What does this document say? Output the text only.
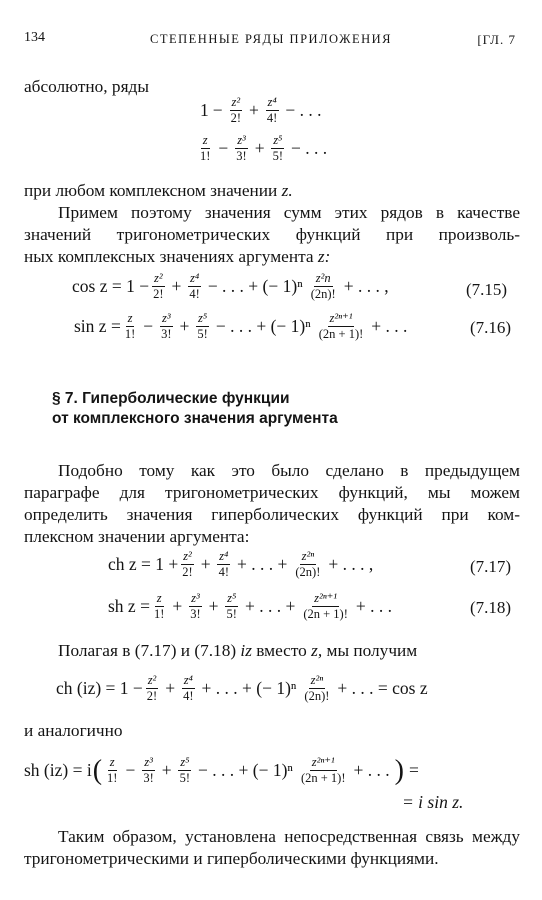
134	СТЕПЕННЫЕ РЯДЫ ПРИЛОЖЕНИЯ	[ГЛ. 7
абсолютно, ряды
$1 - \frac{\text{z²}}{2!} + \frac{\text{z⁴}}{4!}$ − . . .
z
1! − $\frac{\text{z³}}{3!} + \frac{\text{z⁵}}{5!}$ − . . .
при любом комплексном значении z.
Примем поэтому значения сумм этих рядов в качестве
значений тригонометрических функций при произволь-
ных комплексных значениях аргумента z:
$\cos z = 1 - \frac{\text{z²}}{2!} + \frac{\text{z⁴}}{4!}$ − . . . + (− 1)ⁿ z²n
(2n)! + . . . ,	(7.15)
$\sin z = \frac{z}{1!} - \frac{\text{z³}}{3!} + \frac{\text{z⁵}}{5!}$ − . . . + (− 1)ⁿ z²ⁿ⁺¹
(2n + 1)! + . . .	(7.16)
§ 7. Гиперболические функции
от комплексного значения аргумента
Подобно тому как это было сделано в предыдущем
параграфе для тригонометрических функций, мы можем
определить значения гиперболических функций при ком-
плексном значении аргумента:
ch $z = 1 + \frac{\text{z²}}{2!} + \frac{\text{z⁴}}{4!}$ + . . . + $\frac{\text{z²ⁿ}}{(2n)!}$ + . . . ,	(7.17)
sh $z = \frac{z}{1!} + \frac{\text{z³}}{3!} + \frac{\text{z⁵}}{5!}$ + . . . + $\frac{\text{z²ⁿ⁺¹}}{(2n + 1)!}$ + . . .	(7.18)
Полагая в (7.17) и (7.18) iz вместо z, мы получим
ch $(iz) = 1 - \frac{\text{z²}}{2!} + \frac{\text{z⁴}}{4!}$ + . . . + (− 1)ⁿ z²ⁿ
(2n)! + . . . = cos z
и аналогично
sh (iz) = i ( z
1! − $\frac{\text{z³}}{3!} + \frac{\text{z⁵}}{5!}$ − . . . + (− 1)ⁿ z²ⁿ⁺¹
(2n + 1)! + . . . ) =
= i sin z.
Таким образом, установлена непосредственная связь между
тригонометрическими и гиперболическими функциями.
